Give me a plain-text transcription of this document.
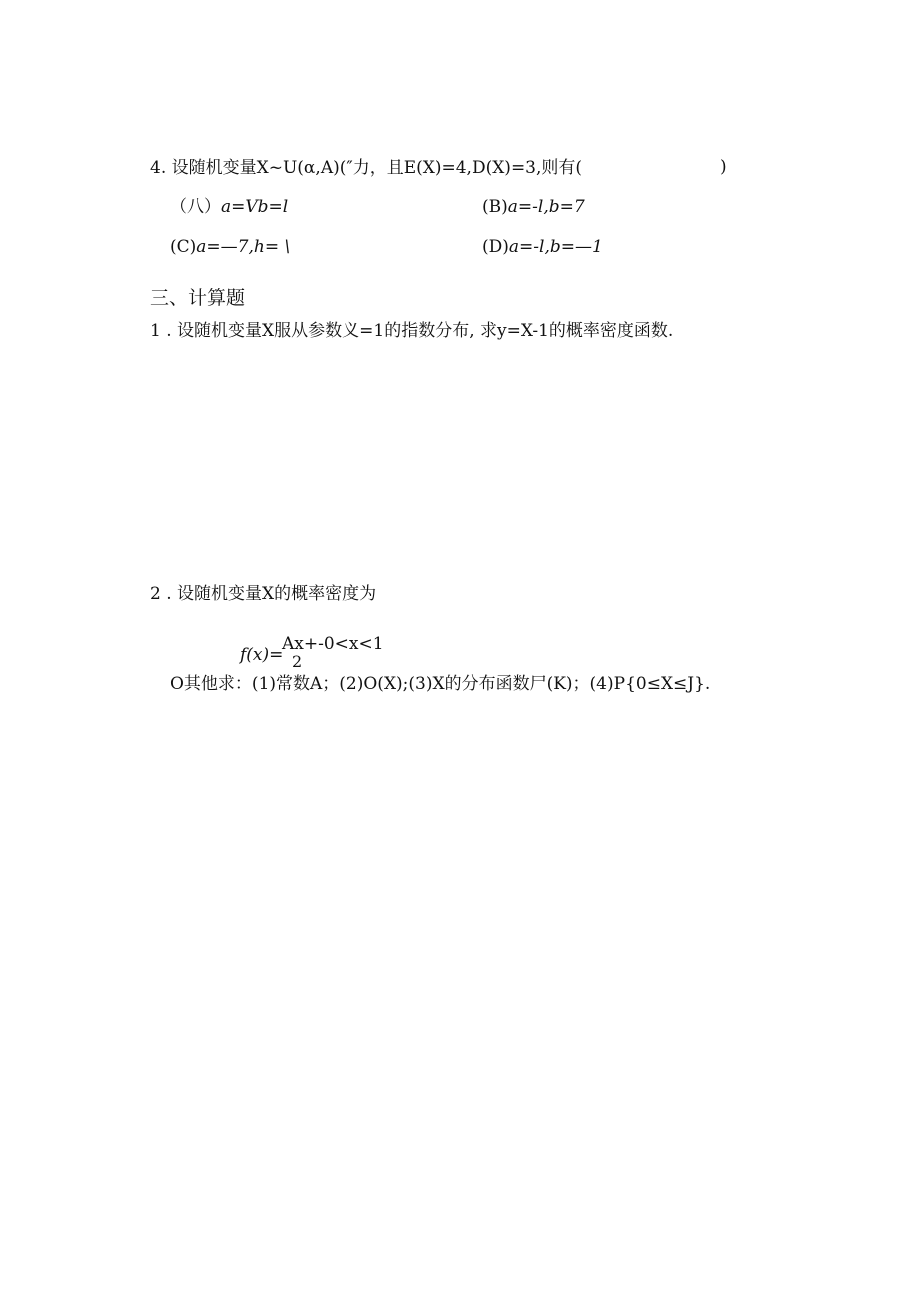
4. 设随机变量X~U(α,A)(″力，且E(X)=4,D(X)=3,则有(	)
（八）a=Vb=l	(B)a=-l,b=7
(C)a=—7,h= \	(D)a=-l,b=—1
三、计算题
1 . 设随机变量X服从参数义=1的指数分布, 求y=X-1的概率密度函数.
2 . 设随机变量X的概率密度为
f(x)=
Ax+-0<x<1
2
O其他求：(1)常数A；(2)O(X);(3)X的分布函数尸(K)；(4)P{0≤X≤J}.
